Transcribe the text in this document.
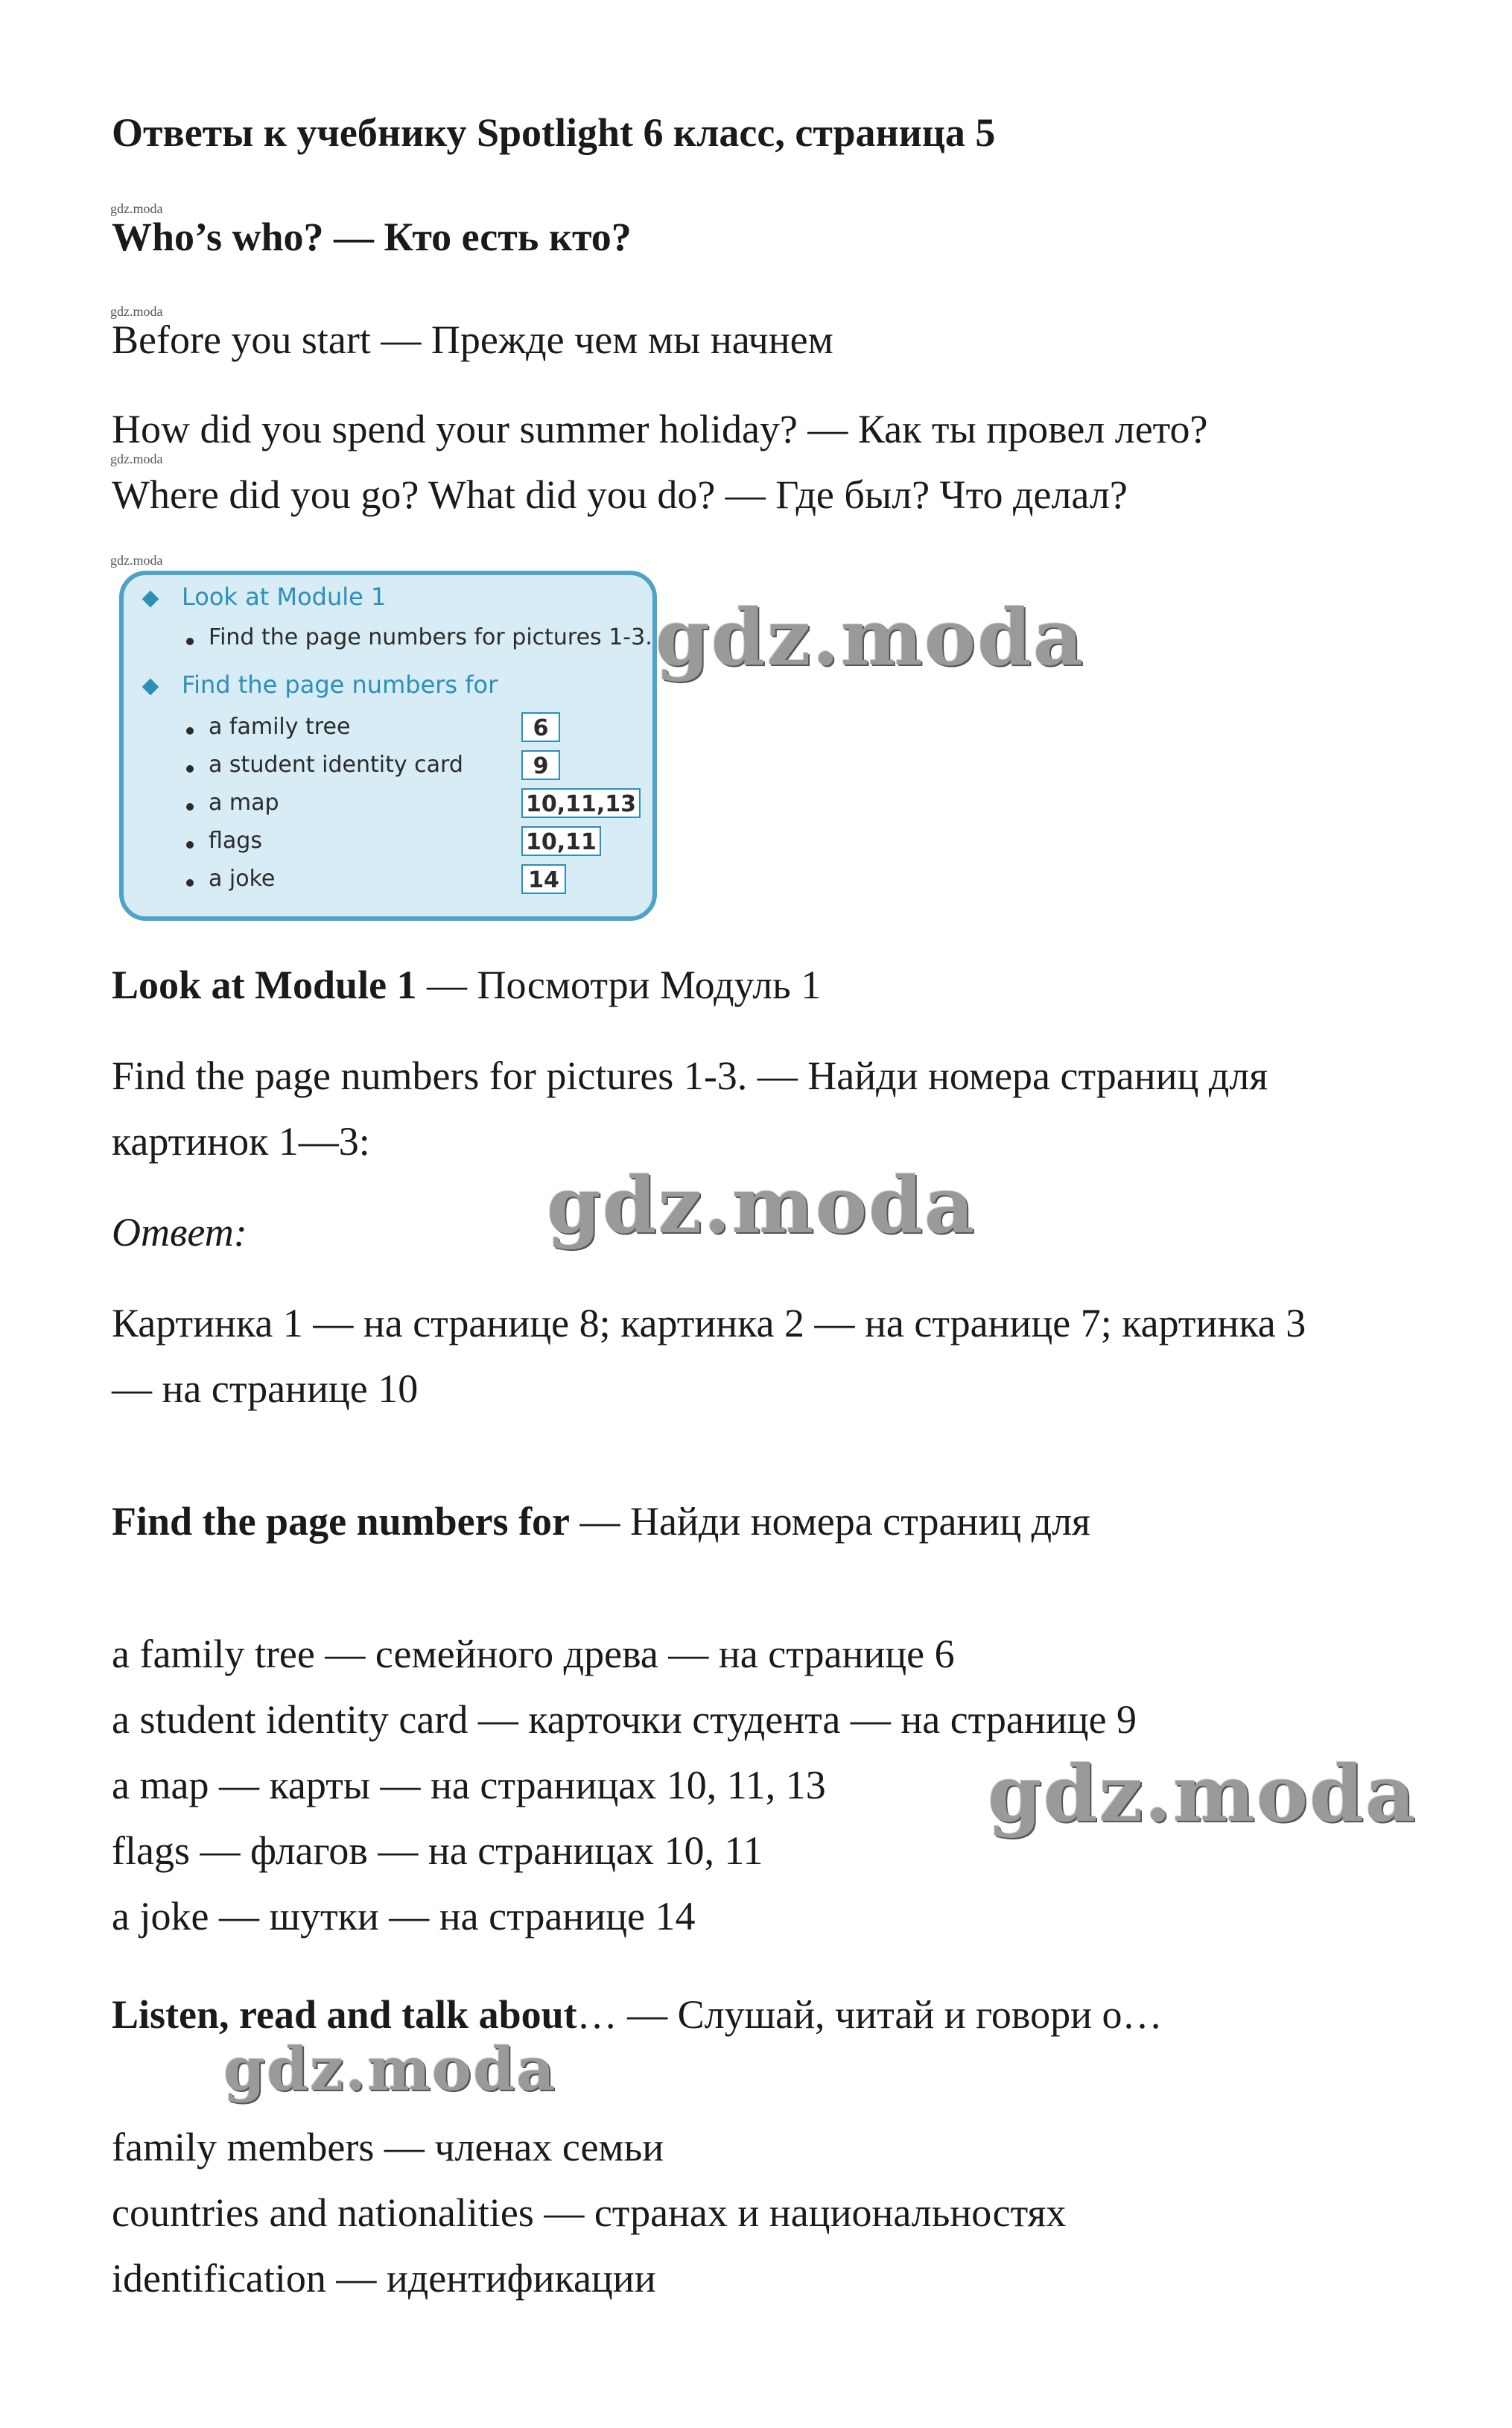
Ответы к учебнику Spotlight 6 класс, страница 5
gdz.moda
Who’s who? — Кто есть кто?
gdz.moda
Before you start — Прежде чем мы начнем
How did you spend your summer holiday? — Как ты провел лето?
gdz.moda
Where did you go? What did you do? — Где был? Что делал?
gdz.moda
Look at Module 1
Find the page numbers for pictures 1-3.
Find the page numbers for
a family tree	6
a student identity card	9
a map	10,11,13
flags	10,11
a joke	14
gdz.moda
Look at Module 1 — Посмотри Модуль 1
Find the page numbers for pictures 1-3. — Найди номера страниц для
картинок 1—3:
Ответ:	gdz.moda
Картинка 1 — на странице 8; картинка 2 — на странице 7; картинка 3
— на странице 10
Find the page numbers for — Найди номера страниц для
a family tree — семейного древа — на странице 6
a student identity card — карточки студента — на странице 9
a map — карты — на страницах 10, 11, 13
flags — флагов — на страницах 10, 11
a joke — шутки — на странице 14
gdz.moda
Listen, read and talk about… — Слушай, читай и говори о…
gdz.moda
family members — членах семьи
countries and nationalities — странах и национальностях
identification — идентификации
